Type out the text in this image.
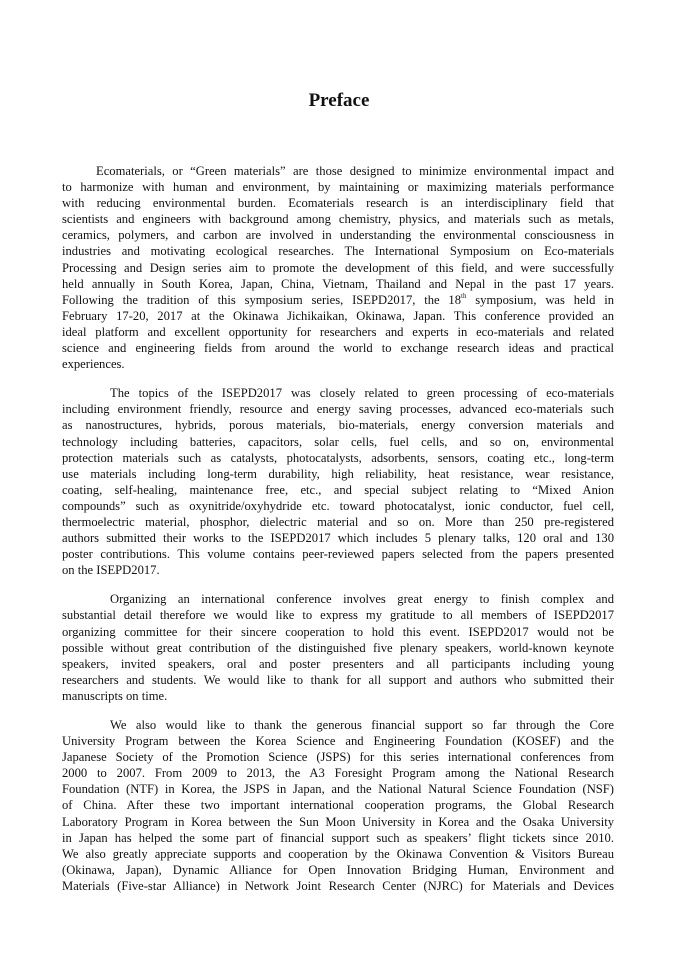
Preface
Ecomaterials, or “Green materials” are those designed to minimize environmental impact and
to harmonize with human and environment, by maintaining or maximizing materials performance
with reducing environmental burden. Ecomaterials research is an interdisciplinary field that
scientists and engineers with background among chemistry, physics, and materials such as metals,
ceramics, polymers, and carbon are involved in understanding the environmental consciousness in
industries and motivating ecological researches. The International Symposium on Eco-materials
Processing and Design series aim to promote the development of this field, and were successfully
held annually in South Korea, Japan, China, Vietnam, Thailand and Nepal in the past 17 years.
Following the tradition of this symposium series, ISEPD2017, the 18th symposium, was held in
February 17-20, 2017 at the Okinawa Jichikaikan, Okinawa, Japan. This conference provided an
ideal platform and excellent opportunity for researchers and experts in eco-materials and related
science and engineering fields from around the world to exchange research ideas and practical
experiences.
The topics of the ISEPD2017 was closely related to green processing of eco-materials
including environment friendly, resource and energy saving processes, advanced eco-materials such
as nanostructures, hybrids, porous materials, bio-materials, energy conversion materials and
technology including batteries, capacitors, solar cells, fuel cells, and so on, environmental
protection materials such as catalysts, photocatalysts, adsorbents, sensors, coating etc., long-term
use materials including long-term durability, high reliability, heat resistance, wear resistance,
coating, self-healing, maintenance free, etc., and special subject relating to “Mixed Anion
compounds” such as oxynitride/oxyhydride etc. toward photocatalyst, ionic conductor, fuel cell,
thermoelectric material, phosphor, dielectric material and so on. More than 250 pre-registered
authors submitted their works to the ISEPD2017 which includes 5 plenary talks, 120 oral and 130
poster contributions. This volume contains peer-reviewed papers selected from the papers presented
on the ISEPD2017.
Organizing an international conference involves great energy to finish complex and
substantial detail therefore we would like to express my gratitude to all members of ISEPD2017
organizing committee for their sincere cooperation to hold this event. ISEPD2017 would not be
possible without great contribution of the distinguished five plenary speakers, world-known keynote
speakers, invited speakers, oral and poster presenters and all participants including young
researchers and students. We would like to thank for all support and authors who submitted their
manuscripts on time.
We also would like to thank the generous financial support so far through the Core
University Program between the Korea Science and Engineering Foundation (KOSEF) and the
Japanese Society of the Promotion Science (JSPS) for this series international conferences from
2000 to 2007. From 2009 to 2013, the A3 Foresight Program among the National Research
Foundation (NTF) in Korea, the JSPS in Japan, and the National Natural Science Foundation (NSF)
of China. After these two important international cooperation programs, the Global Research
Laboratory Program in Korea between the Sun Moon University in Korea and the Osaka University
in Japan has helped the some part of financial support such as speakers’ flight tickets since 2010.
We also greatly appreciate supports and cooperation by the Okinawa Convention & Visitors Bureau
(Okinawa, Japan), Dynamic Alliance for Open Innovation Bridging Human, Environment and
Materials (Five-star Alliance) in Network Joint Research Center (NJRC) for Materials and Devices
